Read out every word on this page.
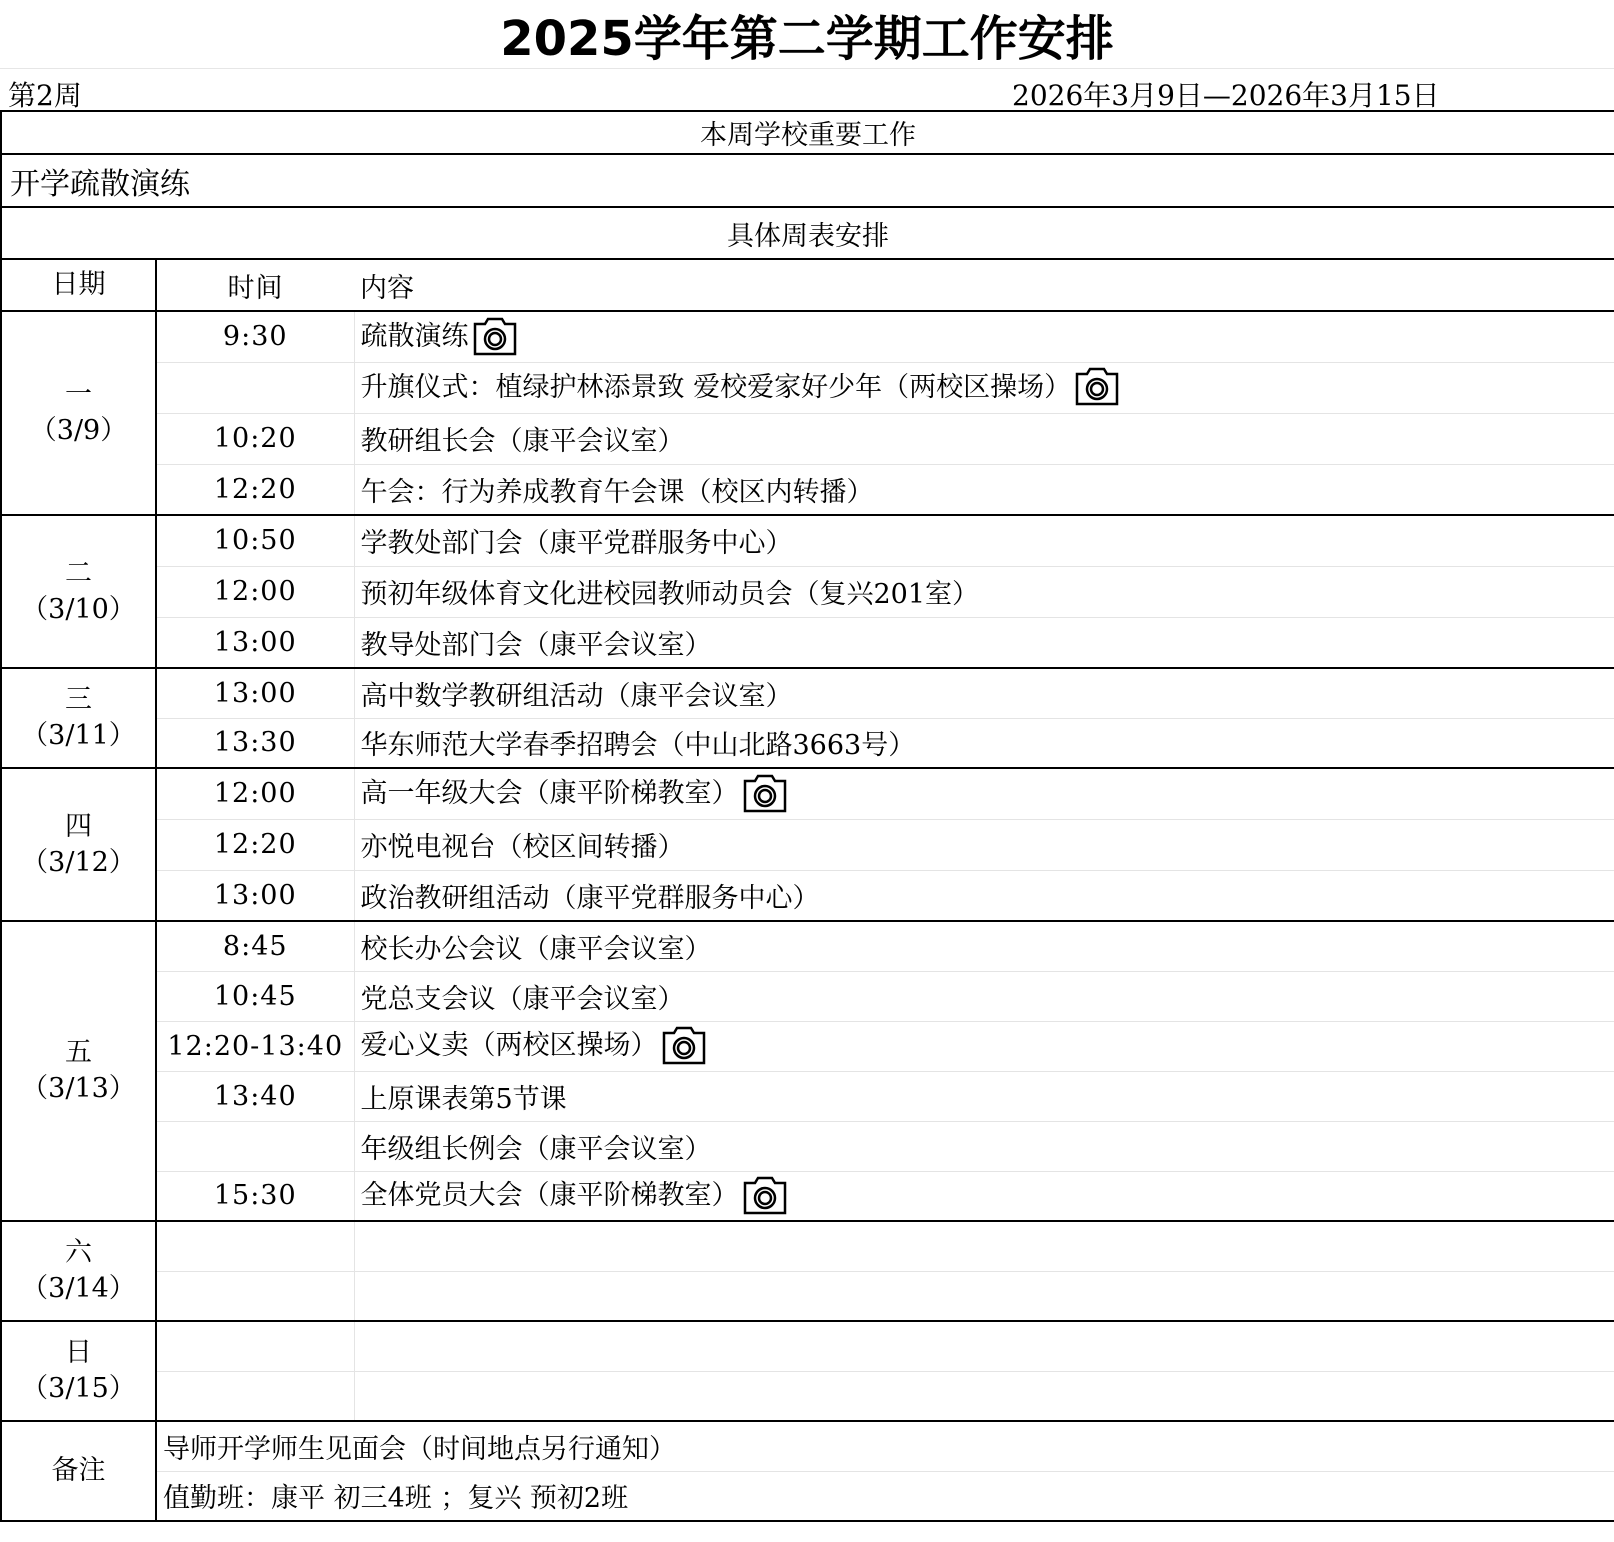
2025学年第二学期工作安排
第2周	2026年3月9日—2026年3月15日
本周学校重要工作		
开学疏散演练		
具体周表安排		
日期	时间	内容

一
（3/9）	9:30	疏散演练

		升旗仪式：植绿护林添景致 爱校爱家好少年（两校区操场）

	10:20	教研组长会（康平会议室）
	12:20	午会：行为养成教育午会课（校区内转播）

二
（3/10）	10:50	学教处部门会（康平党群服务中心）
	12:00	预初年级体育文化进校园教师动员会（复兴201室）
	13:00	教导处部门会（康平会议室）

三
（3/11）	13:00	高中数学教研组活动（康平会议室）
	13:30	华东师范大学春季招聘会（中山北路3663号）

四
（3/12）	12:00	高一年级大会（康平阶梯教室）

	12:20	亦悦电视台（校区间转播）
	13:00	政治教研组活动（康平党群服务中心）

五
（3/13）	8:45	校长办公会议（康平会议室）
	10:45	党总支会议（康平会议室）
	12:20-13:40	爱心义卖（两校区操场）

	13:40	上原课表第5节课
		年级组长例会（康平会议室）
	15:30	全体党员大会（康平阶梯教室）

六
（3/14）		

日
（3/15）		

备注	导师开学师生见面会（时间地点另行通知）	
	值勤班：康平 初三4班 ；复兴 预初2班	
